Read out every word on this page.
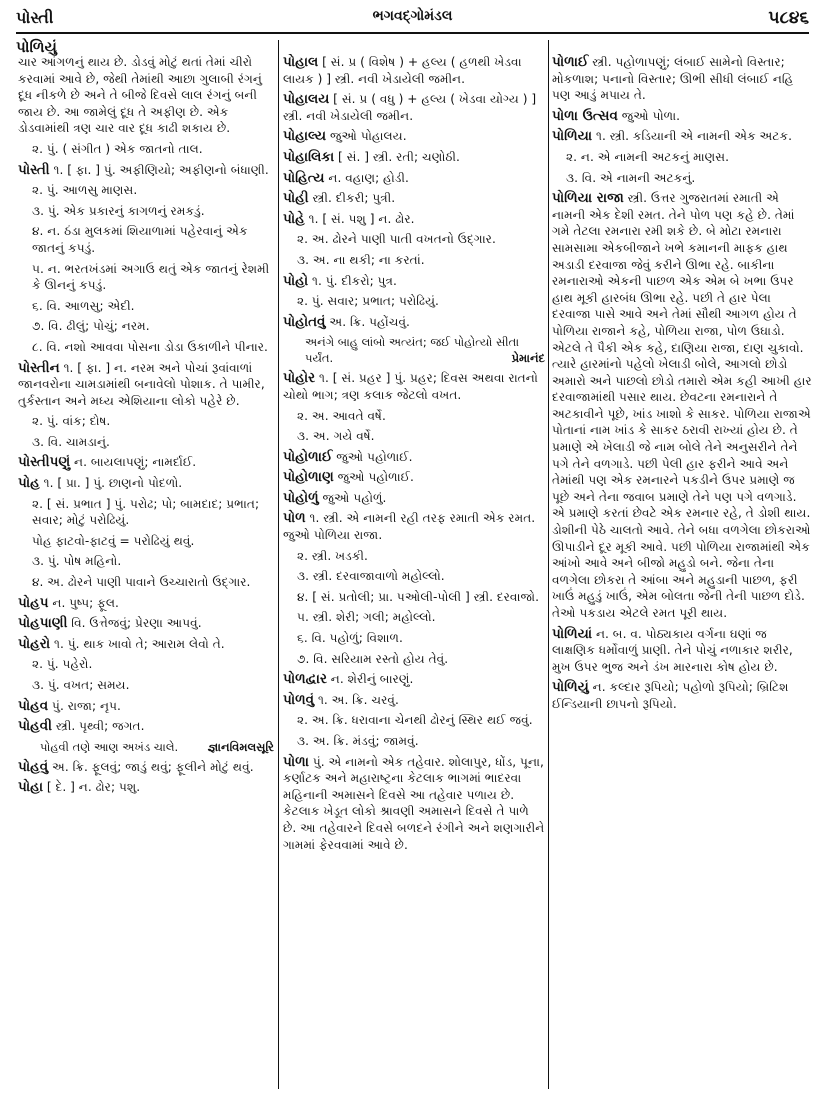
પોસ્તી	ભગવદ્ગોમંડલ	૫૮૪૬
પોળિયું
ચાર આંગળનું થાય છે. ડોડવું મોટું થતાં તેમાં ચીરો કરવામાં આવે છે, જેથી તેમાંથી આછા ગુલાબી રંગનું દૂધ નીકળે છે અને તે બીજે દિવસે લાલ રંગનું બની જાય છે. આ જામેલું દૂધ તે અફીણ છે. એક ડોડવામાંથી ત્રણ ચાર વાર દૂધ કાઢી શકાય છે.
૨. પું. ( સંગીત ) એક જાતનો તાલ.
પોસ્તી ૧. [ ફા. ] પું. અફીણિયો; અફીણનો બંધાણી.
૨. પું. આળસુ માણસ.
૩. પું. એક પ્રકારનું કાગળનું રમકડું.
૪. ન. ઠંડા મુલકમાં શિયાળામાં પહેરવાનું એક જાતનું કપડું.
૫. ન. ભરતખંડમાં અગાઉ થતું એક જાતનું રેશમી કે ઊનનું કપડું.
૬. વિ. આળસુ; એદી.
૭. વિ. ઢીલું; પોચું; નરમ.
૮. વિ. નશો આવવા પોસના ડોડા ઉકાળીને પીનાર.
પોસ્તીન ૧. [ ફા. ] ન. નરમ અને પોચાં રૂવાંવાળાં જાનવરોના ચામડામાંથી બનાવેલો પોશાક. તે પામીર, તુર્કસ્તાન અને મધ્ય એશિયાના લોકો પહેરે છે.
૨. પું. વાંક; દોષ.
૩. વિ. ચામડાનું.
પોસ્તીપણું ન. બાયલાપણું; નામર્દાઈ.
પોહ ૧. [ પ્રા. ] પું. છાણનો પોદળો.
૨. [ સં. પ્રભાત ] પું. પરોઢ; પો; બામદાદ; પ્રભાત; સવાર; મોટું પરોઢિયું.
પોહ ફાટવો-ફાટવું = પરોઢિયું થવું.
૩. પું. પોષ મહિનો.
૪. અ. ઢોરને પાણી પાવાને ઉચ્ચારાતો ઉદ્ગાર.
પોહપ ન. પુષ્પ; ફૂલ.
પોહપાણી વિ. ઉત્તેજવું; પ્રેરણા આપવું.
પોહરો ૧. પું. થાક ખાવો તે; આરામ લેવો તે.
૨. પું. પહેરો.
૩. પું. વખત; સમય.
પોહવ પું. રાજા; નૃપ.
પોહવી સ્ત્રી. પૃથ્વી; જગત.
પોહવી તણે આણ અખંડ ચાલે.	જ્ઞાનવિમલસૂરિ
પોહવું અ. ક્રિ. ફૂલવું; જાડું થવું; ફૂલીને મોટું થવું.
પોહા [ દે. ] ન. ઢોર; પશુ.
પોહાલ [ સં. પ્ર ( વિશેષ ) + હલ્ય ( હળથી ખેડવા લાયક ) ] સ્ત્રી. નવી ખેડાયેલી જમીન.
પોહાલય [ સં. પ્ર ( વધુ ) + હલ્ય ( ખેડવા યોગ્ય ) ] સ્ત્રી. નવી ખેડાયેલી જમીન.
પોહાલ્ય જુઓ પોહાલય.
પોહાલિકા [ સં. ] સ્ત્રી. રતી; ચણોઠી.
પોહિત્ય ન. વહાણ; હોડી.
પોહી સ્ત્રી. દીકરી; પુત્રી.
પોહે ૧. [ સં. પશુ ] ન. ઢોર.
૨. અ. ઢોરને પાણી પાતી વખતનો ઉદ્ગાર.
૩. અ. ના થકી; ના કરતાં.
પોહો ૧. પું. દીકરો; પુત્ર.
૨. પું. સવાર; પ્રભાત; પરોઢિયું.
પોહોતવું અ. ક્રિ. પહોંચવું.
અનંગે બાહુ લાંબો અત્યંત; જઈ પોહોત્યો સીતા પર્યંત.	પ્રેમાનંદ
પોહોર ૧. [ સં. પ્રહર ] પું. પ્રહર; દિવસ અથવા રાતનો ચોથો ભાગ; ત્રણ કલાક જેટલો વખત.
૨. અ. આવતે વર્ષે.
૩. અ. ગયે વર્ષે.
પોહોળાઈ જુઓ પહોળાઈ.
પોહોળાણ જુઓ પહોળાઈ.
પોહોળું જુઓ પહોળું.
પોળ ૧. સ્ત્રી. એ નામની રહી તરફ રમાતી એક રમત. જુઓ પોળિયા રાજા.
૨. સ્ત્રી. ખડકી.
૩. સ્ત્રી. દરવાજાવાળો મહોલ્લો.
૪. [ સં. પ્રતોલી; પ્રા. પઓલી-પોલી ] સ્ત્રી. દરવાજો.
૫. સ્ત્રી. શેરી; ગલી; મહોલ્લો.
૬. વિ. પહોળું; વિશાળ.
૭. વિ. સરિયામ રસ્તો હોય તેવું.
પોળદ્વાર ન. શેરીનું બારણું.
પોળવું ૧. અ. ક્રિ. ચરવું.
૨. અ. ક્રિ. ધરાવાના ચેનથી ઢોરનું સ્થિર થઈ જવું.
૩. અ. ક્રિ. મંડવું; જામવું.
પોળા પું. એ નામનો એક તહેવાર. શોલાપુર, ધોંડ, પૂના, કર્ણાટક અને મહારાષ્ટ્રના કેટલાક ભાગમાં ભાદરવા મહિનાની અમાસને દિવસે આ તહેવાર પળાય છે. કેટલાક ખેડૂત લોકો શ્રાવણી અમાસને દિવસે તે પાળે છે. આ તહેવારને દિવસે બળદને રંગીને અને શણગારીને ગામમાં ફેરવવામાં આવે છે.
પોળાઈ સ્ત્રી. પહોળાપણું; લંબાઈ સામેનો વિસ્તાર; મોકળાશ; પનાનો વિસ્તાર; ઊભી સીધી લંબાઈ નહિ પણ આડું મપાય તે.
પોળા ઉત્સવ જુઓ પોળા.
પોળિયા ૧. સ્ત્રી. કડિયાની એ નામની એક અટક.
૨. ન. એ નામની અટકનું માણસ.
૩. વિ. એ નામની અટકનું.
પોળિયા રાજા સ્ત્રી. ઉત્તર ગુજરાતમાં રમાતી એ નામની એક દેશી રમત. તેને પોળ પણ કહે છે. તેમાં ગમે તેટલા રમનારા રમી શકે છે. બે મોટા રમનારા સામસામા એકબીજાને ખભે કમાનની માફક હાથ અડાડી દરવાજા જેવું કરીને ઊભા રહે. બાકીના રમનારાઓ એકની પાછળ એક એમ બે ખભા ઉપર હાથ મૂકી હારબંધ ઊભા રહે. પછી તે હાર પેલા દરવાજા પાસે આવે અને તેમાં સૌથી આગળ હોય તે પોળિયા રાજાને કહે, પોળિયા રાજા, પોળ ઉઘાડો. એટલે તે પૈકી એક કહે, દાણિયા રાજા, દાણ ચુકાવો. ત્યારે હારમાંનો પહેલો ખેલાડી બોલે, આગલો છોડો અમારો અને પાછલો છોડો તમારો એમ કહી આખી હાર દરવાજામાંથી પસાર થાય. છેવટના રમનારાને તે અટકાવીને પૂછે, ખાંડ ખાશો કે સાકર. પોળિયા રાજાએ પોતાનાં નામ ખાંડ કે સાકર ઠરાવી રાખ્યાં હોય છે. તે પ્રમાણે એ ખેલાડી જે નામ બોલે તેને અનુસરીને તેને પગે તેને વળગાડે. પછી પેલી હાર ફરીને આવે અને તેમાંથી પણ એક રમનારને પકડીને ઉપર પ્રમાણે જ પૂછે અને તેના જવાબ પ્રમાણે તેને પણ પગે વળગાડે. એ પ્રમાણે કરતાં છેવટે એક રમનાર રહે, તે ડોશી થાય. ડોશીની પેઠે ચાલતો આવે. તેને બધા વળગેલા છોકરાઓ ઊપાડીને દૂર મૂકી આવે. પછી પોળિયા રાજામાંથી એક આંખો આવે અને બીજો મહુડો બને. જેના તેના વળગેલા છોકરા તે આંબા અને મહુડાની પાછળ, ફરી ખાઉં મહુડું ખાઉં, એમ બોલતા જેની તેની પાછળ દોડે. તેઓ પકડાય એટલે રમત પૂરી થાય.
પોળિયાં ન. બ. વ. પોઠ્યકાય વર્ગના ઘણાં જ લાક્ષણિક ધર્મોવાળું પ્રાણી. તેને પોચું નળાકાર શરીર, મુખ ઉપર ભુજ અને ડંખ મારનારા કોષ હોય છે.
પોળિયું ન. કલ્દાર રૂપિયો; પહોળો રૂપિયો; બ્રિટિશ ઈન્ડિયાની છાપનો રૂપિયો.
